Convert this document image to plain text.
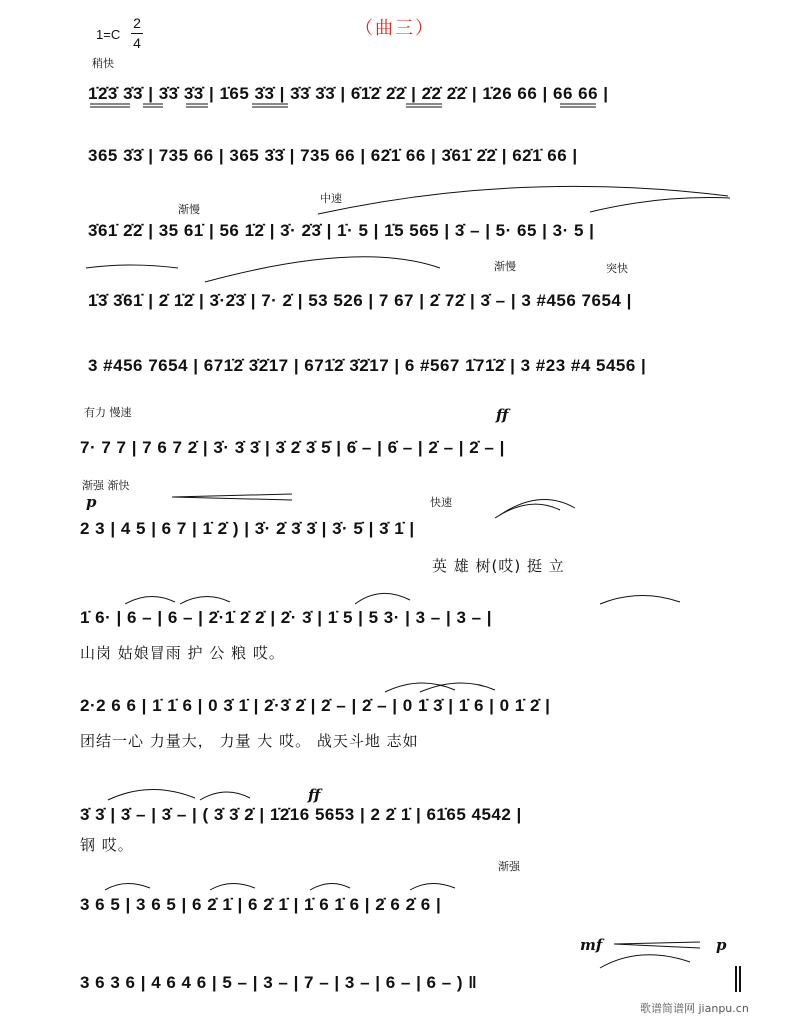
（曲三）
1=C
2
4
稍快
渐慢
中速
渐慢	突快
有力 慢速
渐强 渐快
快速
渐强
ff
p
ff
mf	p
1̇2̇3̇ 3̇3̇ | 3̇3̇ 3̇3̇ | 1̇65 3̇3̇ | 3̇3̇ 3̇3̇ | 6̇1̇2̇ 2̇2̇ | 2̇2̇ 2̇2̇ | 1̇26 66 | 66 66 |
365 3̇3̇ | 735 66 | 365 3̇3̇ | 735 66 | 62̇1̇ 66 | 3̇61̇ 2̇2̇ | 62̇1̇ 66 |
3̇61̇ 2̇2̇ | 35 61̇ | 56 1̇2̇ | 3̇· 2̇3̇ | 1̇· 5 | 1̇5 565 | 3̇ – | 5· 65 | 3· 5 |
1̇3̇ 3̇61̇ | 2̇ 1̇2̇ | 3̇·2̇3̇ | 7· 2̇ | 53 526 | 7 67 | 2̇ 72̇ | 3̇ – | 3 #456 7654 |
3 #456 7654 | 671̇2̇ 3̇2̇17 | 671̇2̇ 3̇2̇17 | 6 #567 1̇71̇2̇ | 3 #23 #4 5456 |
7· 7 7 | 7 6 7 2̇ | 3̇· 3̇ 3̇ | 3̇ 2̇ 3̇ 5̇ | 6̇ – | 6̇ – | 2̇ – | 2̇ – |
2 3 | 4 5 | 6 7 | 1̇ 2̇ ) | 3̇· 2̇ 3̇ 3̇ | 3̇· 5̇ | 3̇ 1̇ |
1̇ 6· | 6 – | 6 – | 2̇·1̇ 2̇ 2̇ | 2̇· 3̇ | 1̇ 5 | 5 3· | 3 – | 3 – |
2·2 6 6 | 1̇ 1̇ 6 | 0 3̇ 1̇ | 2̇·3̇ 2̇ | 2̇ – | 2̇ – | 0 1̇ 3̇ | 1̇ 6 | 0 1̇ 2̇ |
3̇ 3̇ | 3̇ – | 3̇ – | ( 3̇ 3̇ 2̇ | 1̇2̇16 5653 | 2 2̇ 1̇ | 61̇65 4542 |
3 6 5 | 3 6 5 | 6 2̇ 1̇ | 6 2̇ 1̇ | 1̇ 6 1̇ 6 | 2̇ 6 2̇ 6 |
3 6 3 6 | 4 6 4 6 | 5 – | 3 – | 7 – | 3 – | 6 – | 6 – ) ‖
英 雄 树(哎) 挺 立
山岗 姑娘冒雨 护 公 粮 哎。
团结一心 力量大， 力量 大 哎。 战天斗地 志如
钢 哎。
歌谱简谱网 jianpu.cn
